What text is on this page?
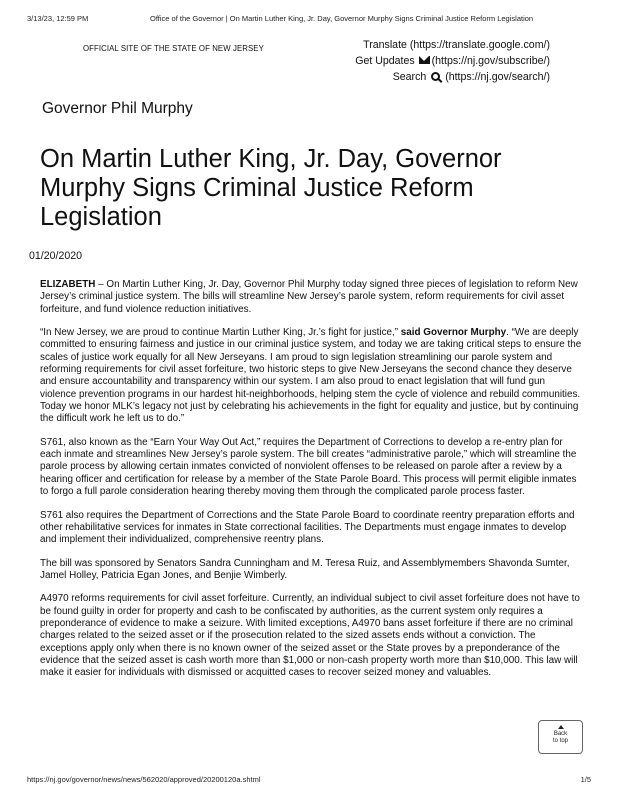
3/13/23, 12:59 PM	Office of the Governor | On Martin Luther King, Jr. Day, Governor Murphy Signs Criminal Justice Reform Legislation
OFFICIAL SITE OF THE STATE OF NEW JERSEY	Translate (https://translate.google.com/)
Get Updates (https://nj.gov/subscribe/)
Search (https://nj.gov/search/)
Governor Phil Murphy
On Martin Luther King, Jr. Day, Governor Murphy Signs Criminal Justice Reform Legislation
01/20/2020

ELIZABETH – On Martin Luther King, Jr. Day, Governor Phil Murphy today signed three pieces of legislation to reform New Jersey’s criminal justice system. The bills will streamline New Jersey’s parole system, reform requirements for civil asset forfeiture, and fund violence reduction initiatives.

“In New Jersey, we are proud to continue Martin Luther King, Jr.’s fight for justice,” said Governor Murphy. “We are deeply committed to ensuring fairness and justice in our criminal justice system, and today we are taking critical steps to ensure the scales of justice work equally for all New Jerseyans. I am proud to sign legislation streamlining our parole system and reforming requirements for civil asset forfeiture, two historic steps to give New Jerseyans the second chance they deserve and ensure accountability and transparency within our system. I am also proud to enact legislation that will fund gun violence prevention programs in our hardest hit-neighborhoods, helping stem the cycle of violence and rebuild communities. Today we honor MLK’s legacy not just by celebrating his achievements in the fight for equality and justice, but by continuing the difficult work he left us to do.”

S761, also known as the “Earn Your Way Out Act,” requires the Department of Corrections to develop a re-entry plan for each inmate and streamlines New Jersey’s parole system. The bill creates “administrative parole,” which will streamline the parole process by allowing certain inmates convicted of nonviolent offenses to be released on parole after a review by a hearing officer and certification for release by a member of the State Parole Board. This process will permit eligible inmates to forgo a full parole consideration hearing thereby moving them through the complicated parole process faster.

S761 also requires the Department of Corrections and the State Parole Board to coordinate reentry preparation efforts and other rehabilitative services for inmates in State correctional facilities. The Departments must engage inmates to develop and implement their individualized, comprehensive reentry plans.

The bill was sponsored by Senators Sandra Cunningham and M. Teresa Ruiz, and Assemblymembers Shavonda Sumter, Jamel Holley, Patricia Egan Jones, and Benjie Wimberly.

A4970 reforms requirements for civil asset forfeiture. Currently, an individual subject to civil asset forfeiture does not have to be found guilty in order for property and cash to be confiscated by authorities, as the current system only requires a preponderance of evidence to make a seizure. With limited exceptions, A4970 bans asset forfeiture if there are no criminal charges related to the seized asset or if the prosecution related to the sized assets ends without a conviction. The exceptions apply only when there is no known owner of the seized asset or the State proves by a preponderance of the evidence that the seized asset is cash worth more than $1,000 or non-cash property worth more than $10,000. This law will make it easier for individuals with dismissed or acquitted cases to recover seized money and valuables.

Back
to top
https://nj.gov/governor/news/news/562020/approved/20200120a.shtml	1/5
